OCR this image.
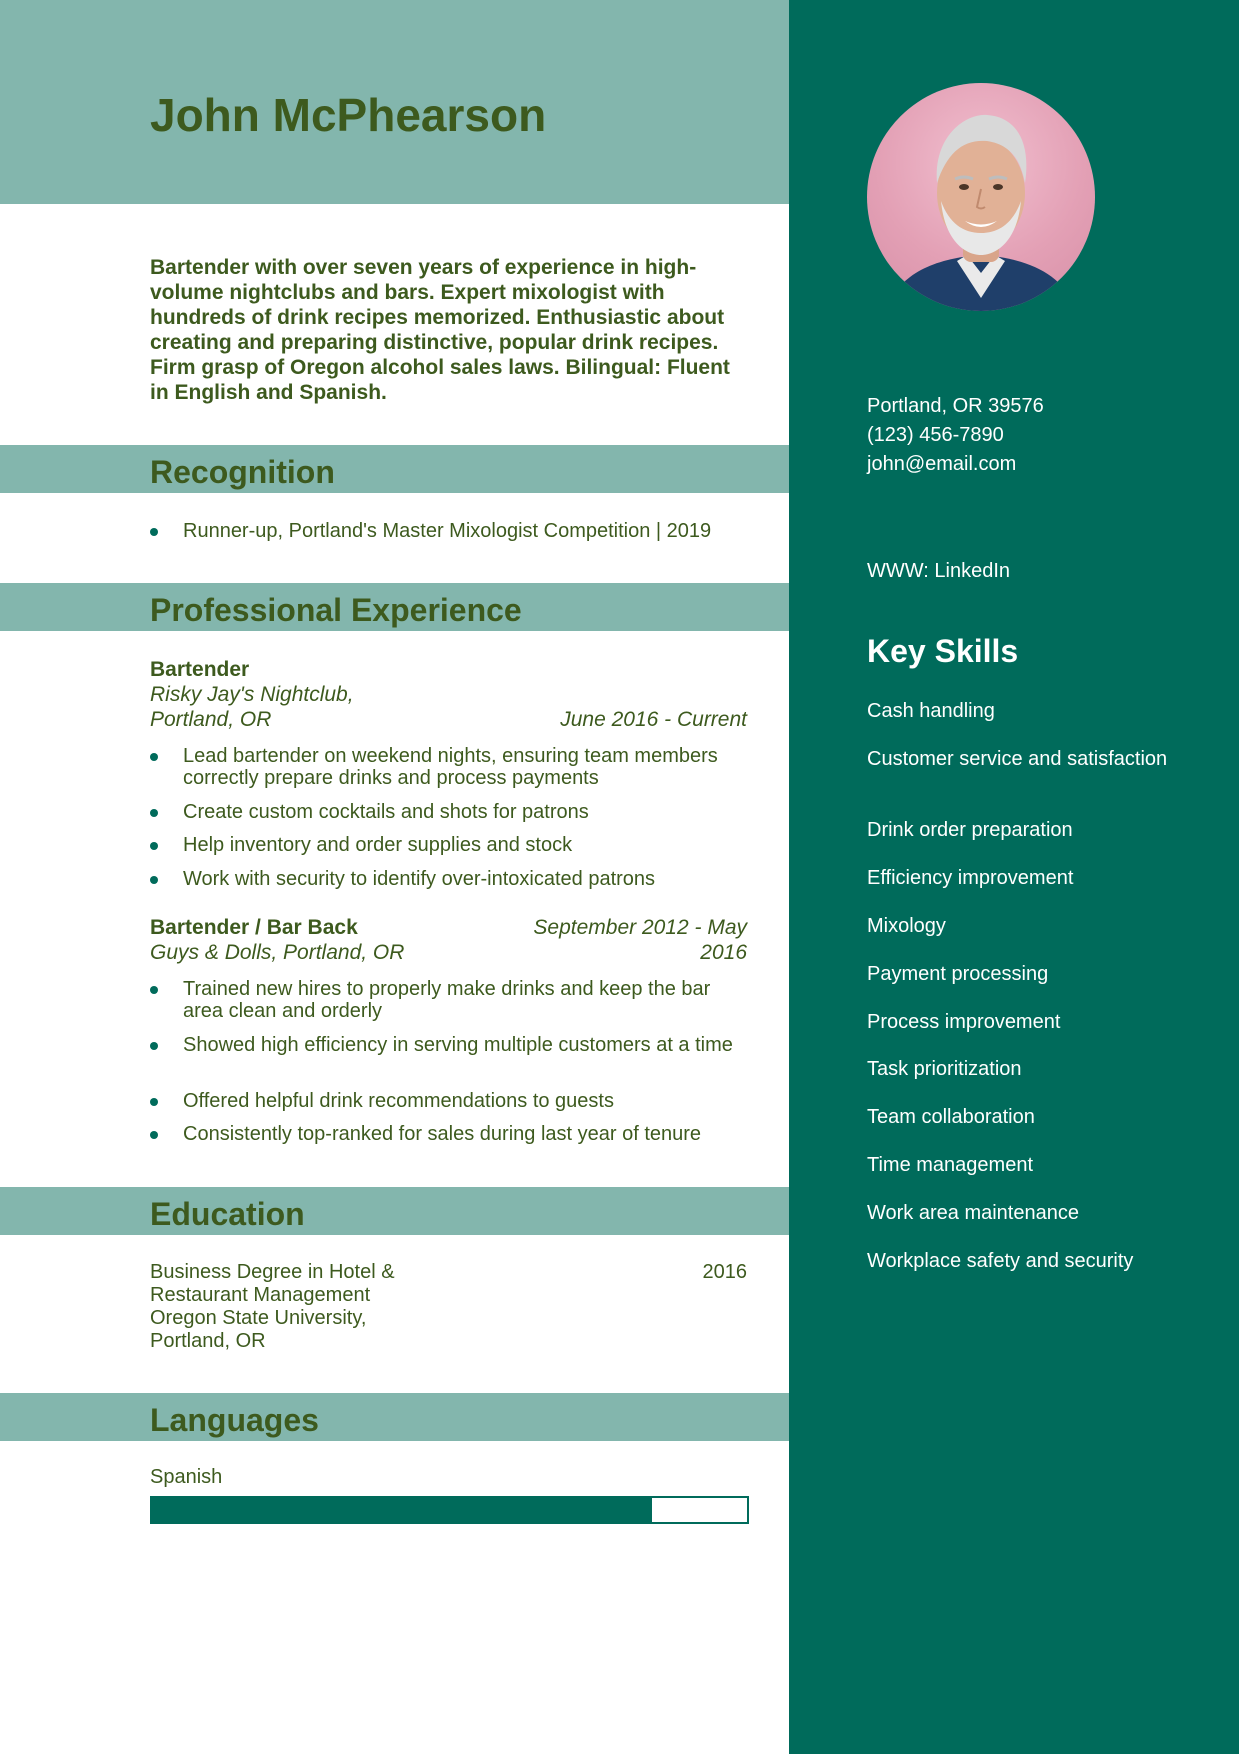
John McPhearson

Bartender with over seven years of experience in high-volume nightclubs and bars. Expert mixologist with hundreds of drink recipes memorized. Enthusiastic about creating and preparing distinctive, popular drink recipes. Firm grasp of Oregon alcohol sales laws. Bilingual: Fluent in English and Spanish.

Recognition
Runner-up, Portland's Master Mixologist Competition | 2019
Professional Experience
Bartender
Risky Jay's Nightclub,
Portland, OR	June 2016 - Current
Lead bartender on weekend nights, ensuring team members correctly prepare drinks and process payments
Create custom cocktails and shots for patrons
Help inventory and order supplies and stock
Work with security to identify over-intoxicated patrons
Bartender / Bar Back	September 2012 - May
Guys & Dolls, Portland, OR	2016
Trained new hires to properly make drinks and keep the bar area clean and orderly
Showed high efficiency in serving multiple customers at a time
Offered helpful drink recommendations to guests
Consistently top-ranked for sales during last year of tenure
Education
Business Degree in Hotel &	2016
Restaurant Management
Oregon State University,
Portland, OR
Languages
Spanish
Portland, OR 39576
(123) 456-7890
john@email.com
WWW: LinkedIn
Key Skills
Cash handling
Customer service and satisfaction
Drink order preparation
Efficiency improvement
Mixology
Payment processing
Process improvement
Task prioritization
Team collaboration
Time management
Work area maintenance
Workplace safety and security
